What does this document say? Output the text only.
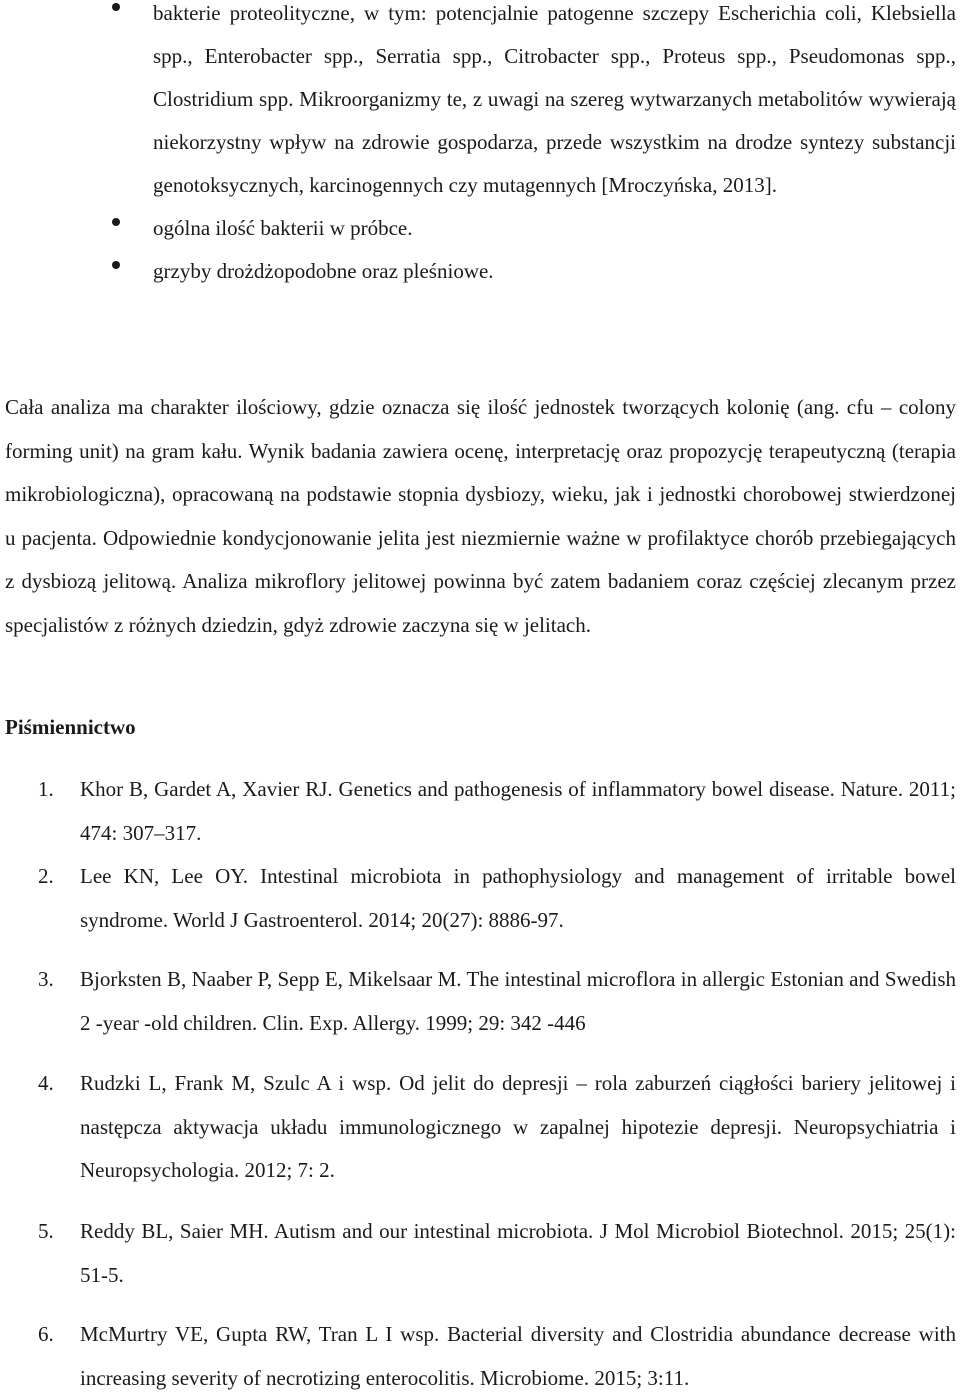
bakterie proteolityczne, w tym: potencjalnie patogenne szczepy Escherichia coli, Klebsiella spp., Enterobacter spp., Serratia spp., Citrobacter spp., Proteus spp., Pseudomonas spp., Clostridium spp. Mikroorganizmy te, z uwagi na szereg wytwarzanych metabolitów wywierają niekorzystny wpływ na zdrowie gospodarza, przede wszystkim na drodze syntezy substancji genotoksycznych, karcinogennych czy mutagennych [Mroczyńska, 2013].
ogólna ilość bakterii w próbce.
grzyby drożdżopodobne oraz pleśniowe.

Cała analiza ma charakter ilościowy, gdzie oznacza się ilość jednostek tworzących kolonię (ang. cfu – colony forming unit) na gram kału. Wynik badania zawiera ocenę, interpretację oraz propozycję terapeutyczną (terapia mikrobiologiczna), opracowaną na podstawie stopnia dysbiozy, wieku, jak i jednostki chorobowej stwierdzonej u pacjenta. Odpowiednie kondycjonowanie jelita jest niezmiernie ważne w profilaktyce chorób przebiegających z dysbiozą jelitową. Analiza mikroflory jelitowej powinna być zatem badaniem coraz częściej zlecanym przez specjalistów z różnych dziedzin, gdyż zdrowie zaczyna się w jelitach.

Piśmiennictwo
1. Khor B, Gardet A, Xavier RJ. Genetics and pathogenesis of inflammatory bowel disease. Nature. 2011; 474: 307–317.
2. Lee KN, Lee OY. Intestinal microbiota in pathophysiology and management of irritable bowel syndrome. World J Gastroenterol. 2014; 20(27): 8886-97.
3. Bjorksten B, Naaber P, Sepp E, Mikelsaar M. The intestinal microflora in allergic Estonian and Swedish 2 -year -old children. Clin. Exp. Allergy. 1999; 29: 342 -446
4. Rudzki L, Frank M, Szulc A i wsp. Od jelit do depresji – rola zaburzeń ciągłości bariery jelitowej i następcza aktywacja układu immunologicznego w zapalnej hipotezie depresji. Neuropsychiatria i Neuropsychologia. 2012; 7: 2.
5. Reddy BL, Saier MH. Autism and our intestinal microbiota. J Mol Microbiol Biotechnol. 2015; 25(1): 51-5.
6. McMurtry VE, Gupta RW, Tran L I wsp. Bacterial diversity and Clostridia abundance decrease with increasing severity of necrotizing enterocolitis. Microbiome. 2015; 3:11.
